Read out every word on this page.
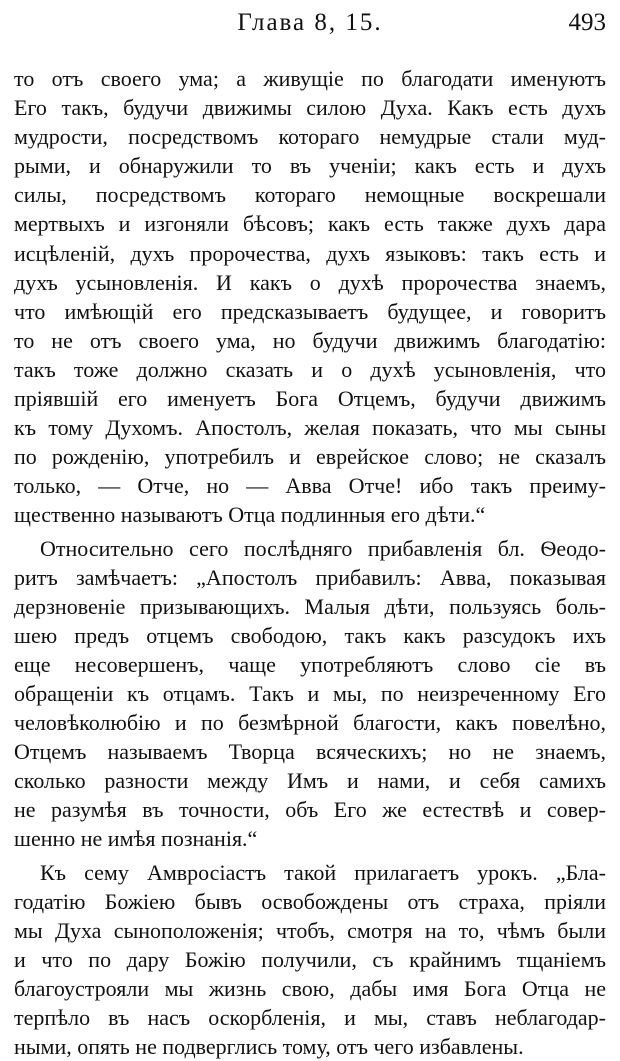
Глава 8, 15.	493
то отъ своего ума; а живущіе по благодати именуютъ
Его такъ, будучи движимы силою Духа. Какъ есть духъ
мудрости, посредствомъ котораго немудрые стали муд-
рыми, и обнаружили то въ ученіи; какъ есть и духъ
силы, посредствомъ котораго немощные воскрешали
мертвыхъ и изгоняли бѣсовъ; какъ есть также духъ дара
исцѣленій, духъ пророчества, духъ языковъ: такъ есть и
духъ усыновленія. И какъ о духѣ пророчества знаемъ,
что имѣющій его предсказываетъ будущее, и говоритъ
то не отъ своего ума, но будучи движимъ благодатію:
такъ тоже должно сказать и о духѣ усыновленія, что
пріявшій его именуетъ Бога Отцемъ, будучи движимъ
къ тому Духомъ. Апостолъ, желая показать, что мы сыны
по рожденію, употребилъ и еврейское слово; не сказалъ
только, — Отче, но — Авва Отче! ибо такъ преиму-
щественно называютъ Отца подлинныя его дѣти.“
Относительно сего послѣдняго прибавленія бл. Ѳеодо-
ритъ замѣчаетъ: „Апостолъ прибавилъ: Авва, показывая
дерзновеніе призывающихъ. Малыя дѣти, пользуясь боль-
шею предъ отцемъ свободою, такъ какъ разсудокъ ихъ
еще несовершенъ, чаще употребляютъ слово сіе въ
обращеніи къ отцамъ. Такъ и мы, по неизреченному Его
человѣколюбію и по безмѣрной благости, какъ повелѣно,
Отцемъ называемъ Творца всяческихъ; но не знаемъ,
сколько разности между Имъ и нами, и себя самихъ
не разумѣя въ точности, объ Его же естествѣ и совер-
шенно не имѣя познанія.“
Къ сему Амвросіастъ такой прилагаетъ урокъ. „Бла-
годатію Божіею бывъ освобождены отъ страха, пріяли
мы Духа сыноположенія; чтобъ, смотря на то, чѣмъ были
и что по дару Божію получили, съ крайнимъ тщаніемъ
благоустрояли мы жизнь свою, дабы имя Бога Отца не
терпѣло въ насъ оскорбленія, и мы, ставъ неблагодар-
ными, опять не подверглись тому, отъ чего избавлены.
